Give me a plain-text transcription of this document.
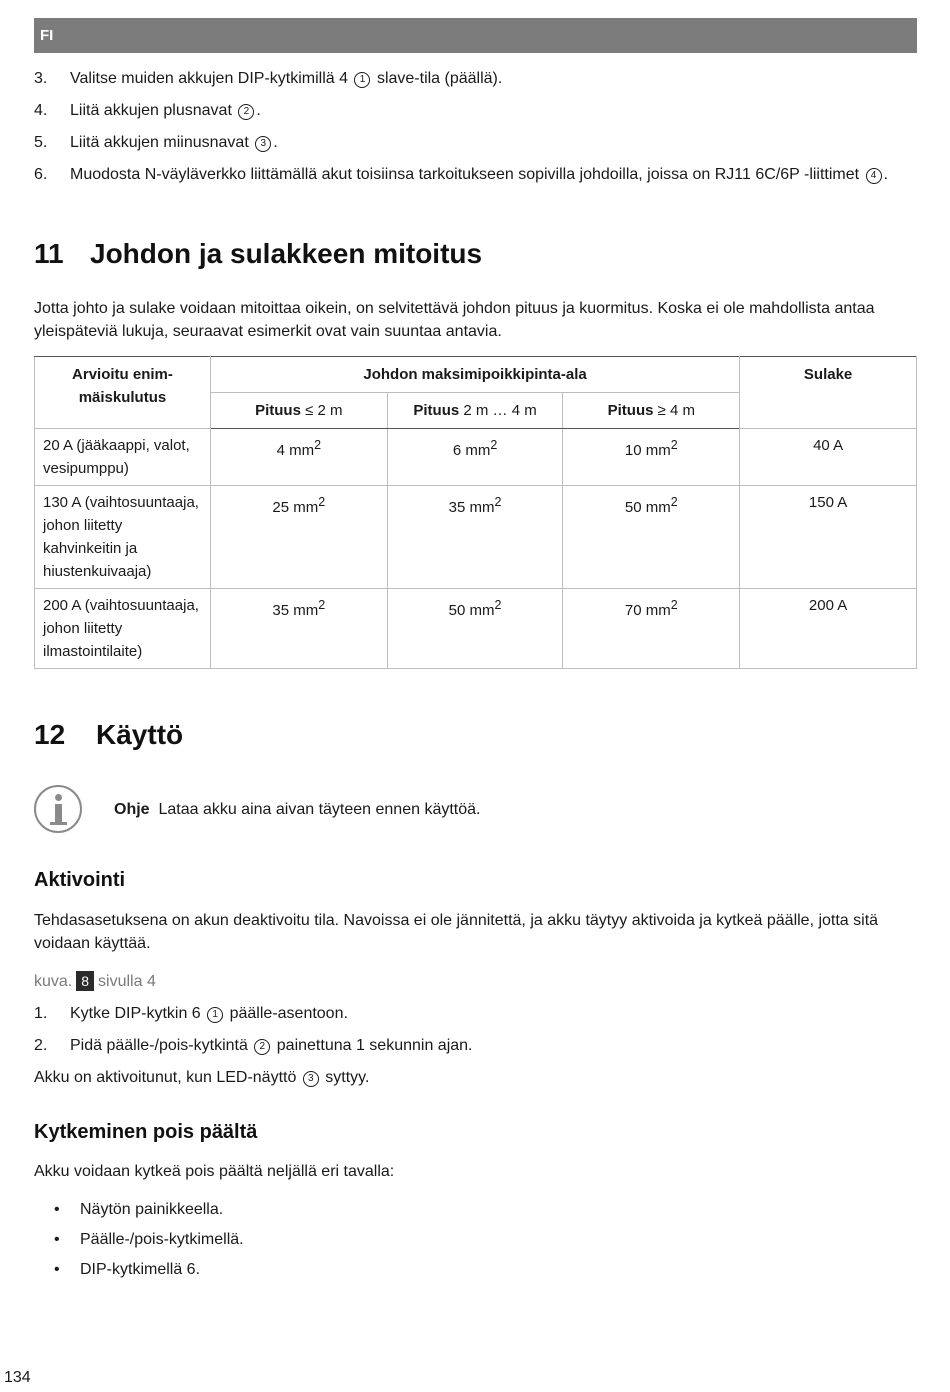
FI
3.	Valitse muiden akkujen DIP-kytkimillä 4 1 slave-tila (päällä).
4.	Liitä akkujen plusnavat 2 .
5.	Liitä akkujen miinusnavat 3 .
6.	Muodosta N-väyläverkko liittämällä akut toisiinsa tarkoitukseen sopivilla johdoilla, joissa on RJ11 6C/6P -liittimet 4 .
11 Johdon ja sulakkeen mitoitus

Jotta johto ja sulake voidaan mitoittaa oikein, on selvitettävä johdon pituus ja kuormitus. Koska ei ole mahdollista antaa yleispäteviä lukuja, seuraavat esimerkit ovat vain suuntaa antavia.

Arvioitu enim-
mäiskulutus	Johdon maksimipoikkipinta-ala			Sulake
	Pituus ≤ 2 m	Pituus 2 m … 4 m	Pituus ≥ 4 m	
20 A (jääkaappi, valot, vesipumppu)	4 $mm^2$	6 $mm^2$	10 $mm^2$	40 A
130 A (vaihtosuuntaaja, johon liitetty kahvinkeitin ja hiustenkuivaaja)	25 $mm^2$	35 $mm^2$	50 $mm^2$	150 A
200 A (vaihtosuuntaaja, johon liitetty ilmastointilaite)	35 $mm^2$	50 $mm^2$	70 $mm^2$	200 A
12	Käyttö

Ohje Lataa akku aina aivan täyteen ennen käyttöä.

Aktivointi

Tehdasasetuksena on akun deaktivoitu tila. Navoissa ei ole jännitettä, ja akku täytyy aktivoida ja kytkeä päälle, jotta sitä voidaan käyttää.

kuva. 8 sivulla 4

1.	Kytke DIP-kytkin 6 1 päälle-asentoon.
2.	Pidä päälle-/pois-kytkintä 2 painettuna 1 sekunnin ajan.

Akku on aktivoitunut, kun LED-näyttö 3 syttyy.

Kytkeminen pois päältä

Akku voidaan kytkeä pois päältä neljällä eri tavalla:

•	Näytön painikkeella.
•	Päälle-/pois-kytkimellä.
•	DIP-kytkimellä 6.
134
